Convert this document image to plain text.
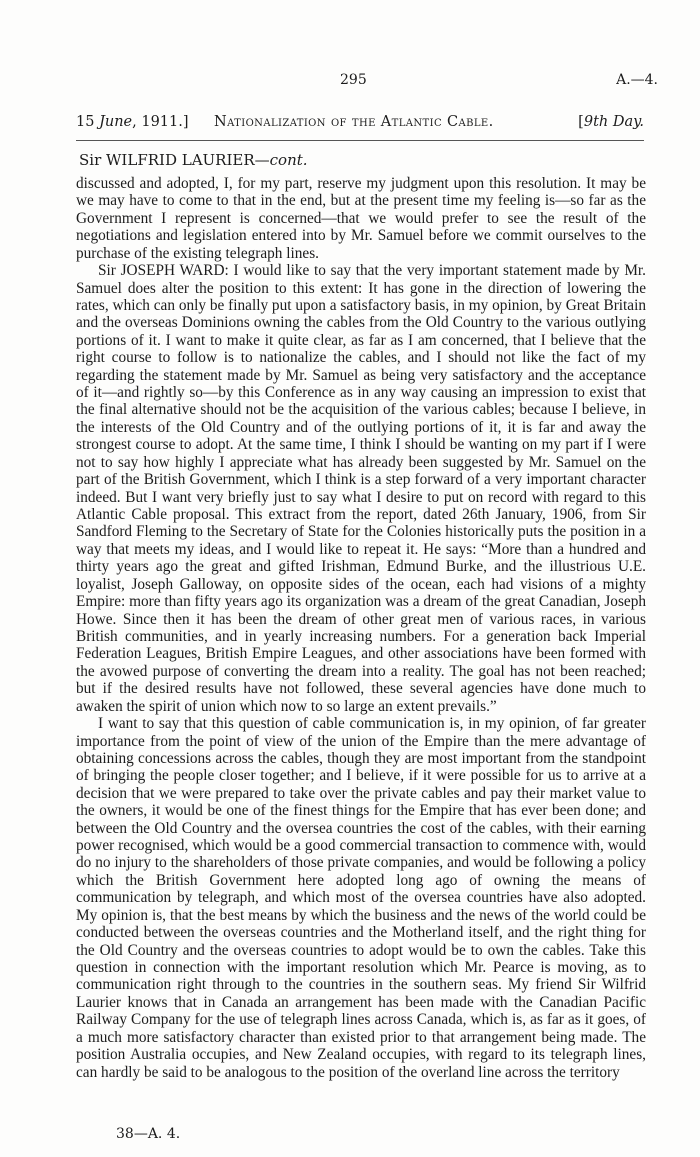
295	A.—4.
15 June, 1911.] Nationalization of the Atlantic Cable.	[9th Day.
Sir WILFRID LAURIER—cont.

discussed and adopted, I, for my part, reserve my judgment upon this resolution. It may be we may have to come to that in the end, but at the present time my feeling is—so far as the Government I represent is concerned—that we would prefer to see the result of the negotiations and legislation entered into by Mr. Samuel before we commit ourselves to the purchase of the existing telegraph lines.

Sir JOSEPH WARD: I would like to say that the very important statement made by Mr. Samuel does alter the position to this extent: It has gone in the direction of lowering the rates, which can only be finally put upon a satisfactory basis, in my opinion, by Great Britain and the overseas Dominions owning the cables from the Old Country to the various outlying portions of it. I want to make it quite clear, as far as I am concerned, that I believe that the right course to follow is to nationalize the cables, and I should not like the fact of my regarding the statement made by Mr. Samuel as being very satisfactory and the acceptance of it—and rightly so—by this Conference as in any way causing an impression to exist that the final alternative should not be the acquisition of the various cables; because I believe, in the interests of the Old Country and of the outlying portions of it, it is far and away the strongest course to adopt. At the same time, I think I should be wanting on my part if I were not to say how highly I appreciate what has already been suggested by Mr. Samuel on the part of the British Government, which I think is a step forward of a very important character indeed. But I want very briefly just to say what I desire to put on record with regard to this Atlantic Cable proposal. This extract from the report, dated 26th January, 1906, from Sir Sandford Fleming to the Secretary of State for the Colonies historically puts the position in a way that meets my ideas, and I would like to repeat it. He says: “More than a hundred and thirty years ago the great and gifted Irishman, Edmund Burke, and the illustrious U.E. loyalist, Joseph Galloway, on opposite sides of the ocean, each had visions of a mighty Empire: more than fifty years ago its organization was a dream of the great Canadian, Joseph Howe. Since then it has been the dream of other great men of various races, in various British communities, and in yearly increasing numbers. For a generation back Imperial Federation Leagues, British Empire Leagues, and other associations have been formed with the avowed purpose of converting the dream into a reality. The goal has not been reached; but if the desired results have not followed, these several agencies have done much to awaken the spirit of union which now to so large an extent prevails.”

I want to say that this question of cable communication is, in my opinion, of far greater importance from the point of view of the union of the Empire than the mere advantage of obtaining concessions across the cables, though they are most important from the standpoint of bringing the people closer together; and I believe, if it were possible for us to arrive at a decision that we were prepared to take over the private cables and pay their market value to the owners, it would be one of the finest things for the Empire that has ever been done; and between the Old Country and the oversea countries the cost of the cables, with their earning power recognised, which would be a good commercial transaction to commence with, would do no injury to the shareholders of those private companies, and would be following a policy which the British Government here adopted long ago of owning the means of communication by telegraph, and which most of the oversea countries have also adopted. My opinion is, that the best means by which the business and the news of the world could be conducted between the overseas countries and the Motherland itself, and the right thing for the Old Country and the overseas countries to adopt would be to own the cables. Take this question in connection with the important resolution which Mr. Pearce is moving, as to communication right through to the countries in the southern seas. My friend Sir Wilfrid Laurier knows that in Canada an arrangement has been made with the Canadian Pacific Railway Company for the use of telegraph lines across Canada, which is, as far as it goes, of a much more satisfactory character than existed prior to that arrangement being made. The position Australia occupies, and New Zealand occupies, with regard to its telegraph lines, can hardly be said to be analogous to the position of the overland line across the territory

38—A. 4.
